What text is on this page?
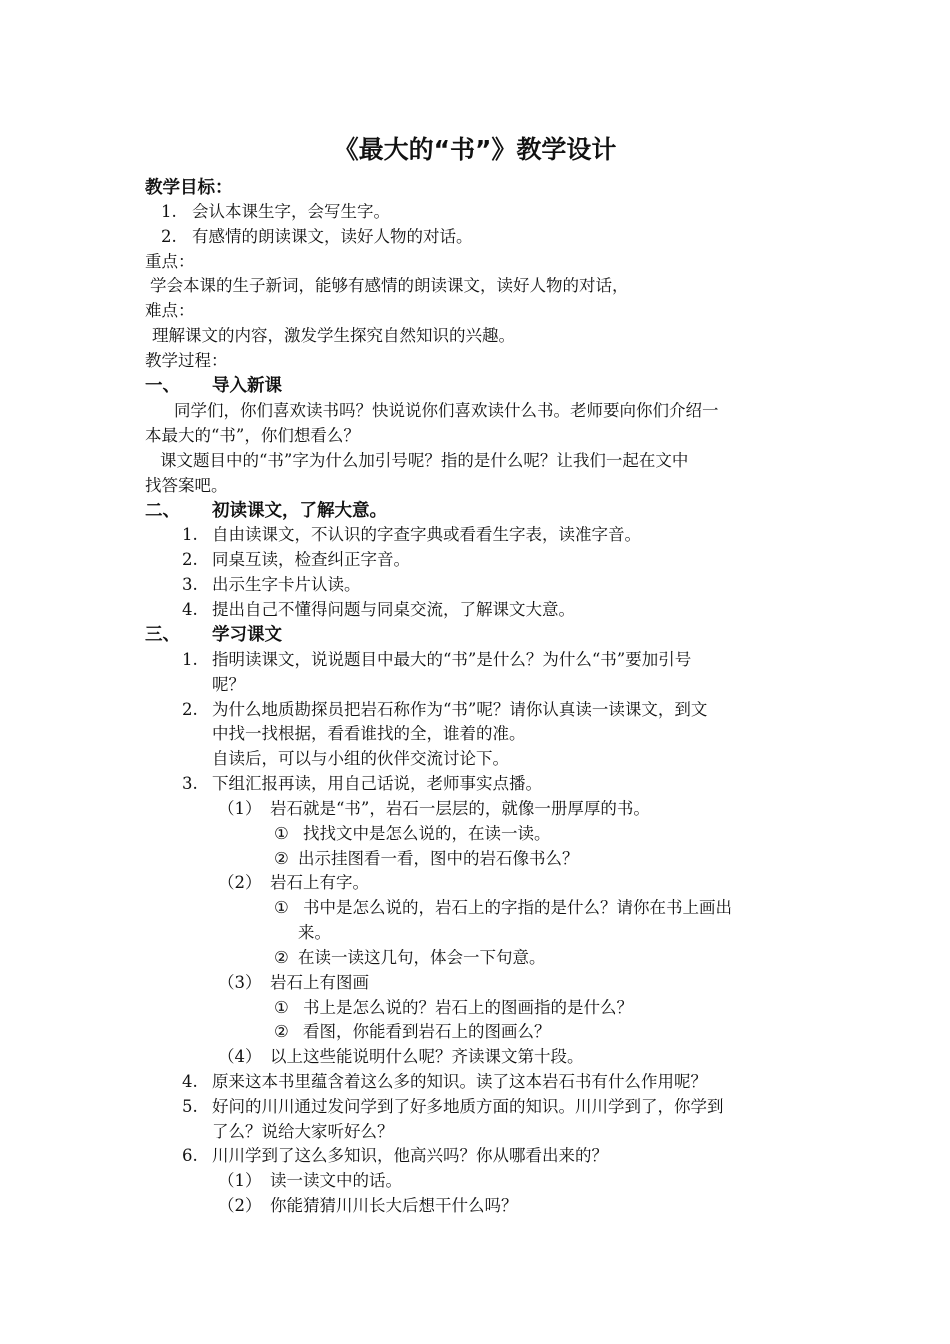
《最大的“书”》教学设计
教学目标：
1. 会认本课生字，会写生字。
2. 有感情的朗读课文，读好人物的对话。
重点：
学会本课的生子新词，能够有感情的朗读课文，读好人物的对话，
难点：
理解课文的内容，激发学生探究自然知识的兴趣。
教学过程：
一、 导入新课
同学们，你们喜欢读书吗？快说说你们喜欢读什么书。老师要向你们介绍一
本最大的“书”，你们想看么？
课文题目中的“书”字为什么加引号呢？指的是什么呢？让我们一起在文中
找答案吧。
二、 初读课文，了解大意。
1. 自由读课文，不认识的字查字典或看看生字表，读准字音。
2. 同桌互读，检查纠正字音。
3. 出示生字卡片认读。
4. 提出自己不懂得问题与同桌交流，了解课文大意。
三、 学习课文
1. 指明读课文，说说题目中最大的“书”是什么？为什么“书”要加引号
呢？
2. 为什么地质勘探员把岩石称作为“书”呢？请你认真读一读课文，到文
中找一找根据，看看谁找的全，谁着的准。
自读后，可以与小组的伙伴交流讨论下。
3. 下组汇报再读，用自己话说，老师事实点播。
（1） 岩石就是“书”，岩石一层层的，就像一册厚厚的书。
① 找找文中是怎么说的，在读一读。
② 出示挂图看一看，图中的岩石像书么？
（2） 岩石上有字。
① 书中是怎么说的，岩石上的字指的是什么？请你在书上画出
来。
② 在读一读这几句，体会一下句意。
（3） 岩石上有图画
① 书上是怎么说的？岩石上的图画指的是什么？
② 看图，你能看到岩石上的图画么？
（4） 以上这些能说明什么呢？齐读课文第十段。
4. 原来这本书里蕴含着这么多的知识。读了这本岩石书有什么作用呢？
5. 好问的川川通过发问学到了好多地质方面的知识。川川学到了，你学到
了么？说给大家听好么？
6. 川川学到了这么多知识，他高兴吗？你从哪看出来的？
（1） 读一读文中的话。
（2） 你能猜猜川川长大后想干什么吗？
